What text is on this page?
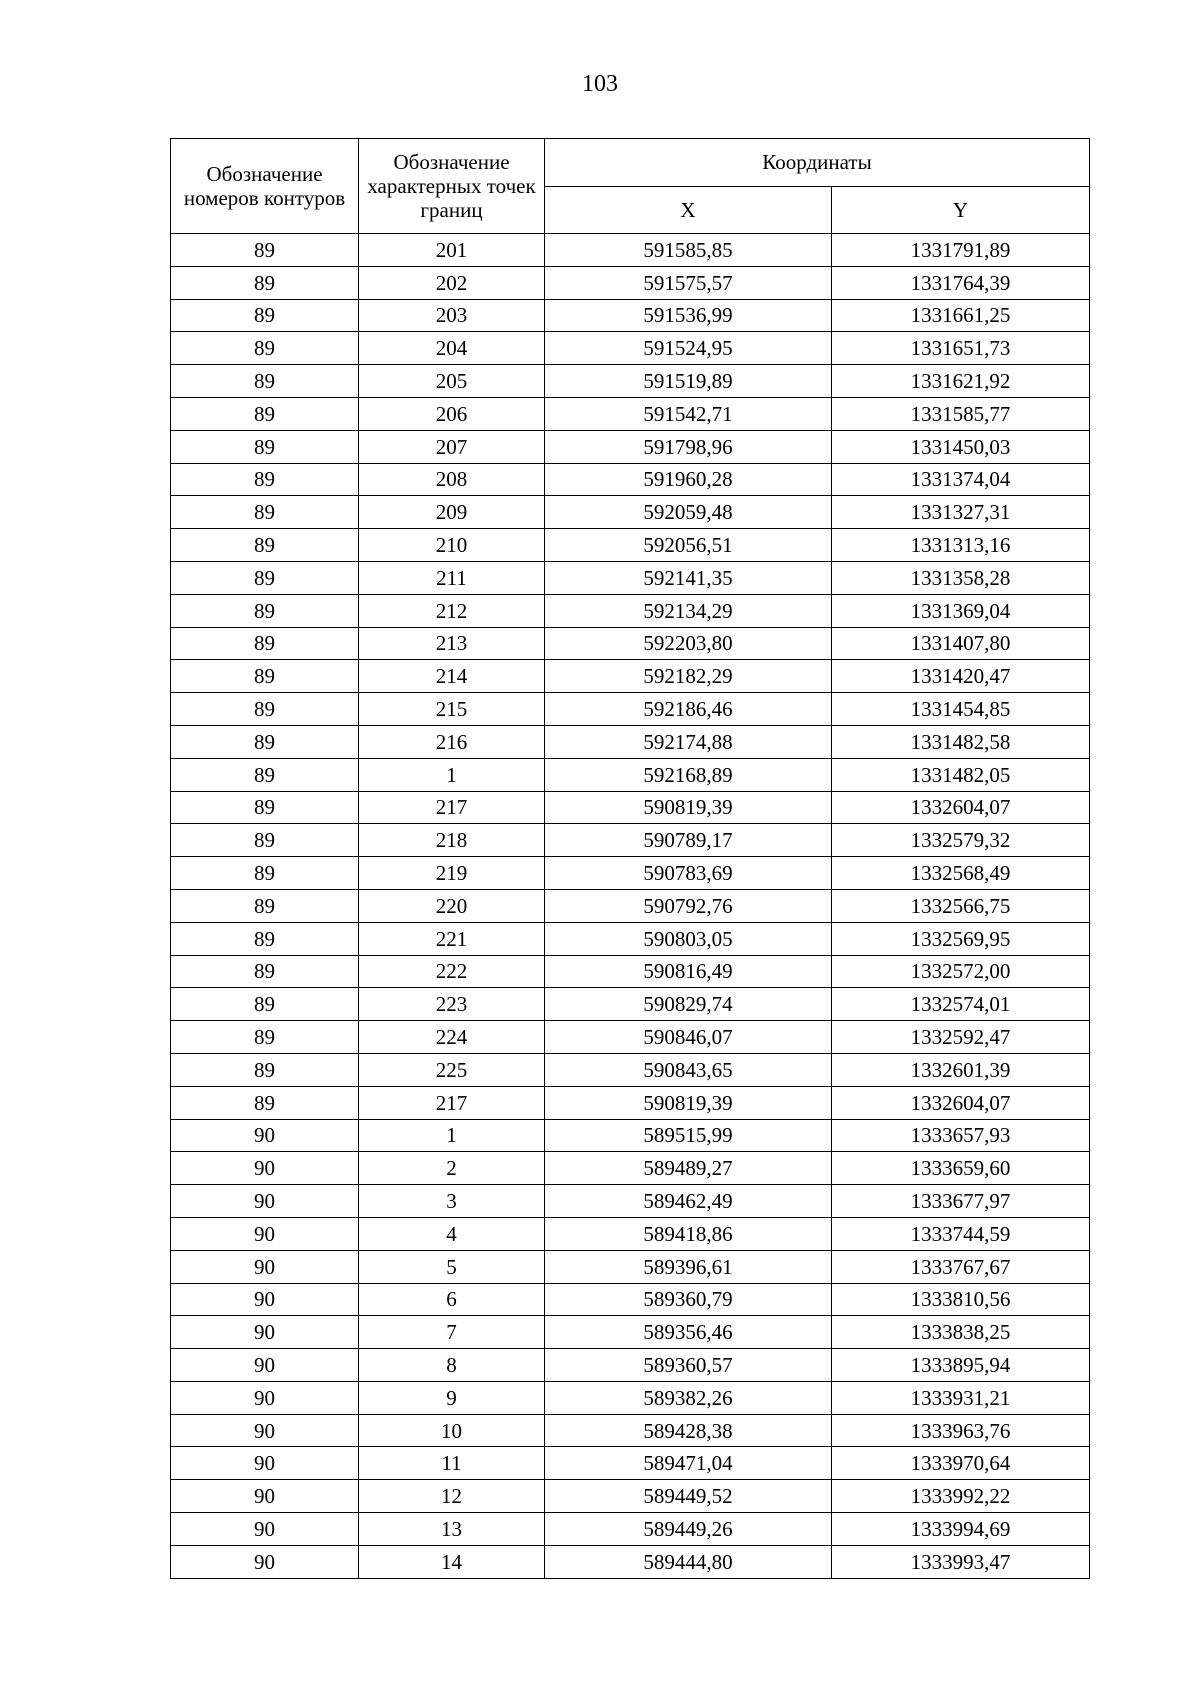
103
Обозначение номеров контуров	Обозначение характерных точек границ	Координаты	
		X	Y
89	201	591585,85	1331791,89
89	202	591575,57	1331764,39
89	203	591536,99	1331661,25
89	204	591524,95	1331651,73
89	205	591519,89	1331621,92
89	206	591542,71	1331585,77
89	207	591798,96	1331450,03
89	208	591960,28	1331374,04
89	209	592059,48	1331327,31
89	210	592056,51	1331313,16
89	211	592141,35	1331358,28
89	212	592134,29	1331369,04
89	213	592203,80	1331407,80
89	214	592182,29	1331420,47
89	215	592186,46	1331454,85
89	216	592174,88	1331482,58
89	1	592168,89	1331482,05
89	217	590819,39	1332604,07
89	218	590789,17	1332579,32
89	219	590783,69	1332568,49
89	220	590792,76	1332566,75
89	221	590803,05	1332569,95
89	222	590816,49	1332572,00
89	223	590829,74	1332574,01
89	224	590846,07	1332592,47
89	225	590843,65	1332601,39
89	217	590819,39	1332604,07
90	1	589515,99	1333657,93
90	2	589489,27	1333659,60
90	3	589462,49	1333677,97
90	4	589418,86	1333744,59
90	5	589396,61	1333767,67
90	6	589360,79	1333810,56
90	7	589356,46	1333838,25
90	8	589360,57	1333895,94
90	9	589382,26	1333931,21
90	10	589428,38	1333963,76
90	11	589471,04	1333970,64
90	12	589449,52	1333992,22
90	13	589449,26	1333994,69
90	14	589444,80	1333993,47
